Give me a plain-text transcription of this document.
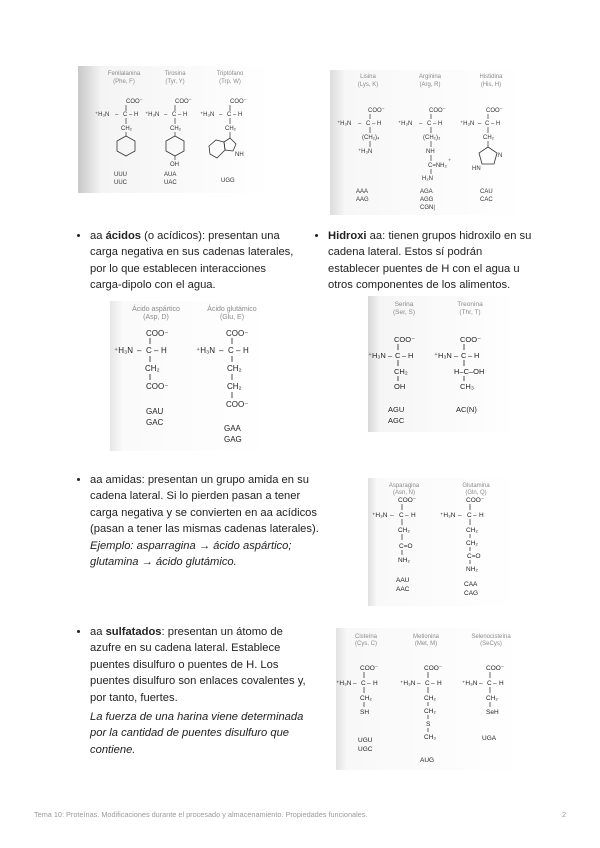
Fenilalanina
(Phe, F)
COO⁻
⁺H₃N – C – H
CH₂
UUU
UUC
Tirosina
(Tyr, Y)
COO⁻
⁺H₃N – C – H
CH₂
OH
AUA
UAC
Triptófano
(Trp, W)
COO⁻
⁺H₃N – C – H
CH₂
NH
UGG
Lisina
(Lys, K)
COO⁻
⁺H₃N – C – H
(CH₂)₄
⁺H₃N
AAA
AAG
Arginina
(Arg, R)
COO⁻
⁺H₃N – C – H
(CH₂)₃
NH
C=NH₂
⁺
H₂N
AGA
AGG
CGN|
Histidina
(His, H)
COO⁻
⁺H₃N – C – H
CH₂
N
HN
CAU
CAC
• aa ácidos (o acídicos): presentan una carga negativa en sus cadenas laterales, por lo que establecen interacciones carga-dipolo con el agua.
• Hidroxi aa: tienen grupos hidroxilo en su cadena lateral. Estos sí podrán establecer puentes de H con el agua u otros componentes de los alimentos.
Ácido aspártico
(Asp, D)
COO⁻
⁺H₃N – C – H
CH₂
COO⁻
GAU
GAC
Ácido glutámico
(Glu, E)
COO⁻
⁺H₃N – C – H
CH₂
CH₂
COO⁻
GAA
GAG
Serina
(Ser, S)
COO⁻
⁺H₃N – C – H
CH₂
OH
AGU
AGC
Treonina
(Thr, T)
COO⁻
⁺H₃N – C – H
H–C–OH
CH₃
AC(N)
• aa amidas: presentan un grupo amida en su cadena lateral. Si lo pierden pasan a tener carga negativa y se convierten en aa acídicos (pasan a tener las mismas cadenas laterales).
Ejemplo: asparragina → ácido aspártico; glutamina → ácido glutámico.
Asparagina
(Asn, N)
COO⁻
⁺H₃N – C – H
CH₂
C=O
NH₂
AAU
AAC
Glutamina
(Gln, Q)
COO⁻
⁺H₃N – C – H
CH₂
CH₂
C=O
NH₂
CAA
CAG
• aa sulfatados: presentan un átomo de azufre en su cadena lateral. Establece puentes disulfuro o puentes de H. Los puentes disulfuro son enlaces covalentes y, por tanto, fuertes.
La fuerza de una harina viene determinada por la cantidad de puentes disulfuro que contiene.
Cisteína
(Cys, C)
COO⁻
⁺H₃N – C – H
CH₂
SH
UGU
UGC
Metionina
(Met, M)
COO⁻
⁺H₃N – C – H
CH₂
CH₂
S
CH₃
AUG
Selenocisteína
(SeCys)
COO⁻
⁺H₃N – C – H
CH₂
SeH
UGA
Tema 10: Proteínas. Modificaciones durante el procesado y almacenamiento. Propiedades funcionales.	2
